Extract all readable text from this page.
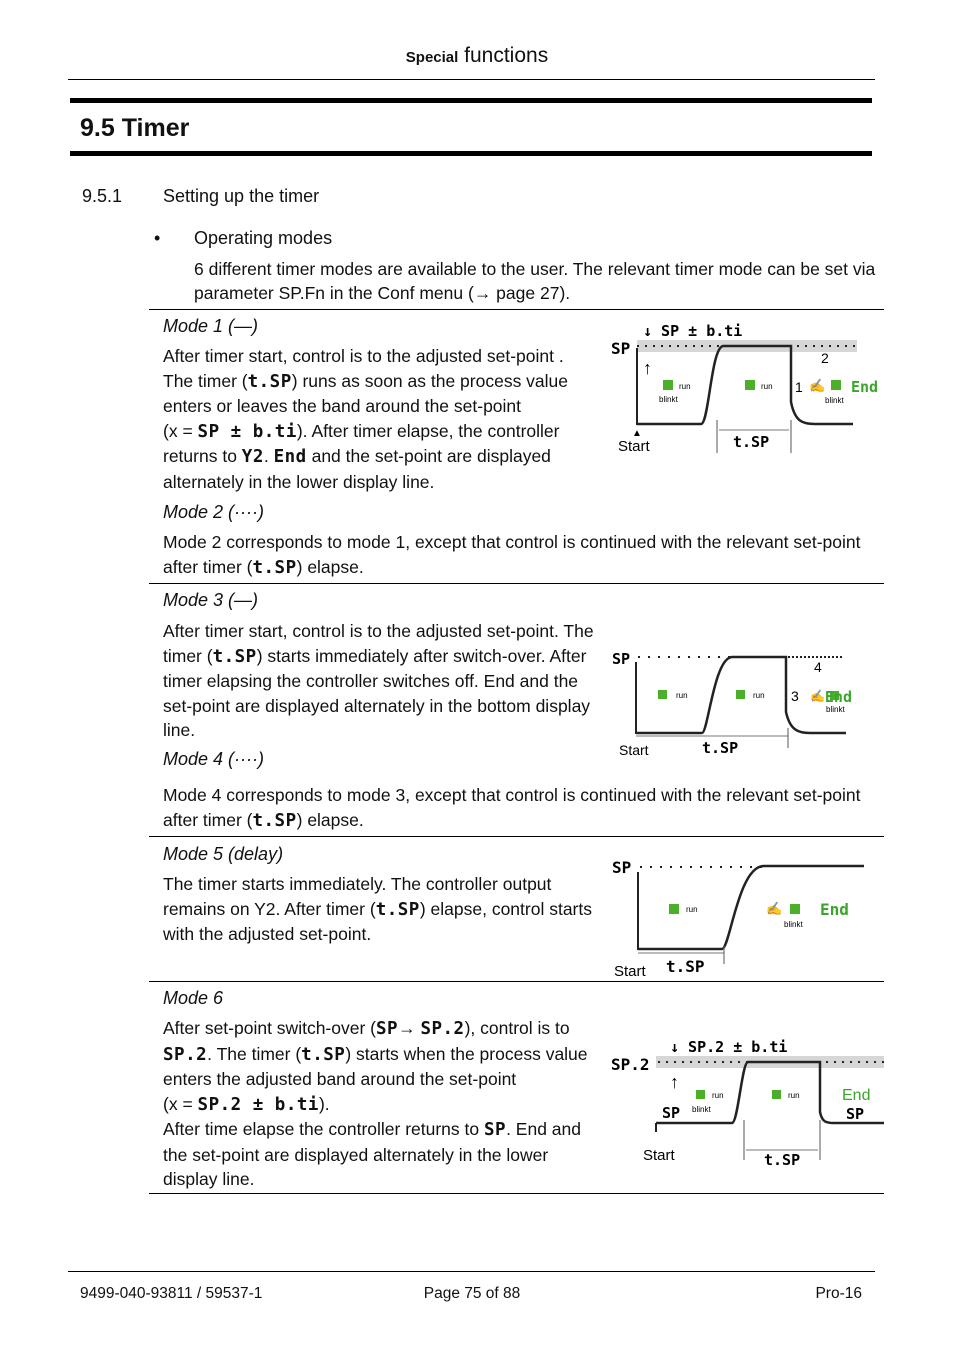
Special functions
9.5 Timer
9.5.1 Setting up the timer
• Operating modes
6 different timer modes are available to the user. The relevant timer mode can be set via
parameter SP.Fn in the Conf menu (→ page 27).
Mode 1 (—)
After timer start, control is to the adjusted set-point .
The timer (t.SP) runs as soon as the process value
enters or leaves the band around the set-point
(x = SP ± b.ti). After timer elapse, the controller
returns to Y2. End and the set-point are displayed
alternately in the lower display line.
Mode 2 (····)
Mode 2 corresponds to mode 1, except that control is continued with the relevant set-point
after timer (t.SP) elapse.
Mode 3 (—)
After timer start, control is to the adjusted set-point. The
timer (t.SP) starts immediately after switch-over. After
timer elapsing the controller switches off. End and the
set-point are displayed alternately in the bottom display
line.
Mode 4 (····)
Mode 4 corresponds to mode 3, except that control is continued with the relevant set-point
after timer (t.SP) elapse.
Mode 5 (delay)
The timer starts immediately. The controller output
remains on Y2. After timer (t.SP) elapse, control starts
with the adjusted set-point.
Mode 6
After set-point switch-over (SP→ SP.2), control is to
SP.2. The timer (t.SP) starts when the process value
enters the adjusted band around the set-point
(x = SP.2 ± b.ti).
After time elapse the controller returns to SP. End and
the set-point are displayed alternately in the lower
display line.
↓ SP ± b.ti
SP
↑
run
blinkt
run 1
2
✍
blinkt
End
Start
▲	t.SP
SP
run	run 3
4
✍
blinkt
End
Start	t.SP
SP
run	✍
blinkt
End
Start t.SP
↓ SP.2 ± b.ti
SP.2
↑
SP
run
blinkt
run	End
SP
Start	t.SP
9499-040-93811 / 59537-1	Page 75 of 88	Pro-16
